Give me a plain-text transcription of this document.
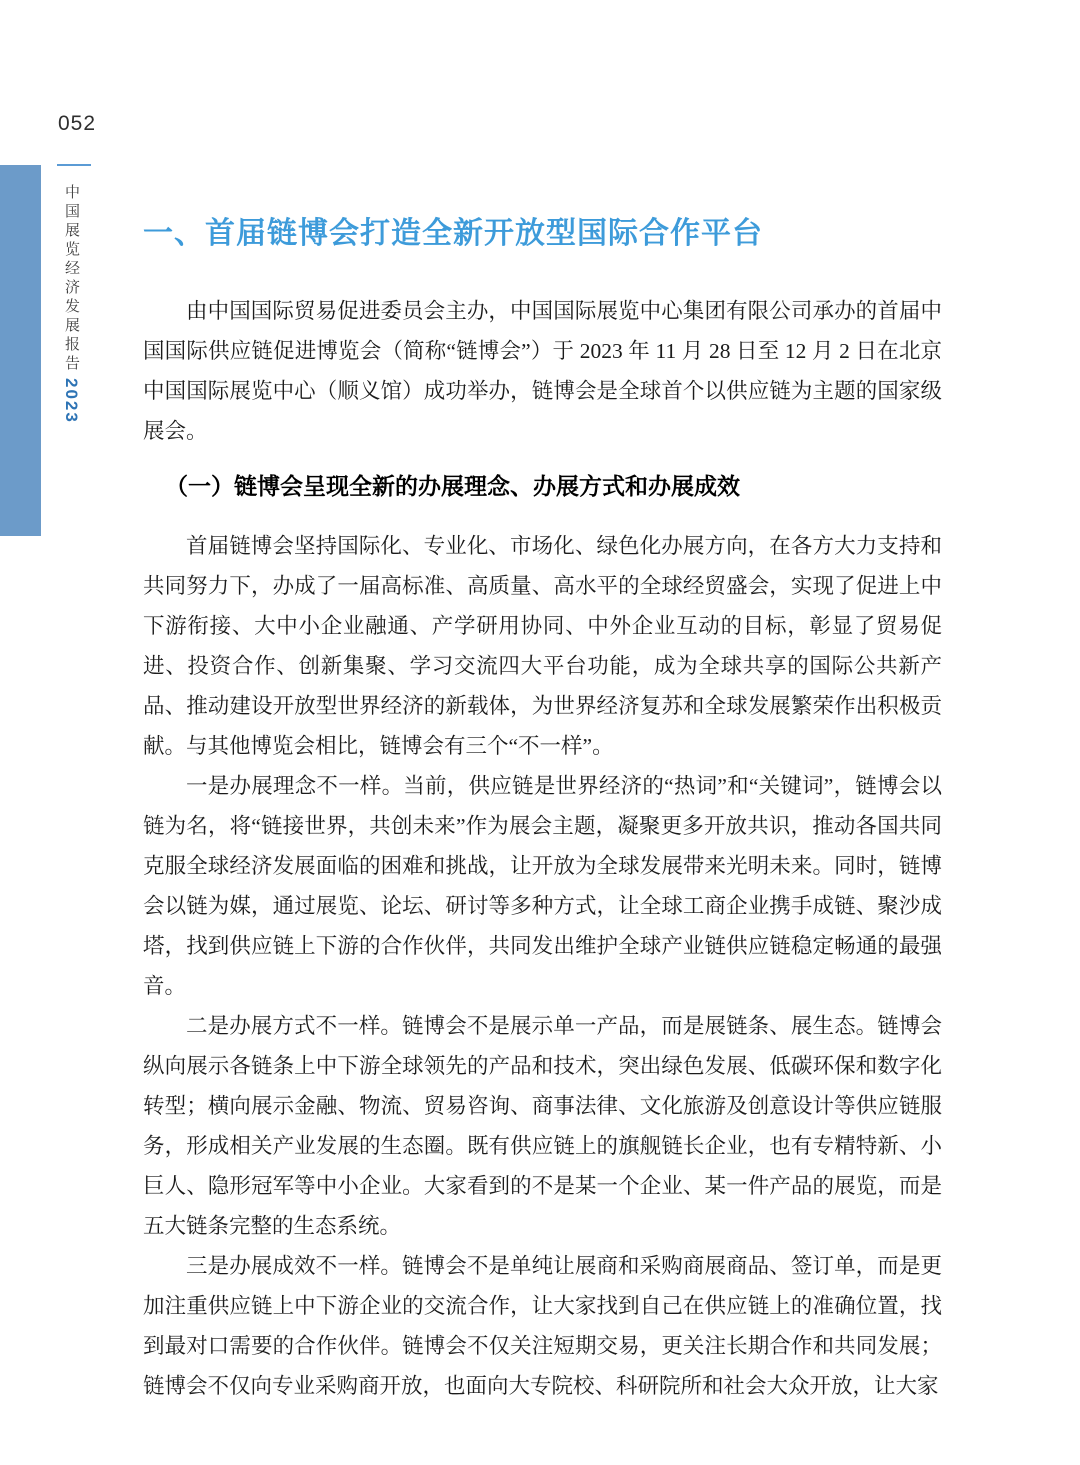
052
中国展览经济发展报告2023
一、首届链博会打造全新开放型国际合作平台

由中国国际贸易促进委员会主办，中国国际展览中心集团有限公司承办的首届中国国际供应链促进博览会（简称“链博会”）于 2023 年 11 月 28 日至 12 月 2 日在北京中国国际展览中心（顺义馆）成功举办，链博会是全球首个以供应链为主题的国家级展会。

（一）链博会呈现全新的办展理念、办展方式和办展成效

首届链博会坚持国际化、专业化、市场化、绿色化办展方向，在各方大力支持和共同努力下，办成了一届高标准、高质量、高水平的全球经贸盛会，实现了促进上中下游衔接、大中小企业融通、产学研用协同、中外企业互动的目标，彰显了贸易促进、投资合作、创新集聚、学习交流四大平台功能，成为全球共享的国际公共新产品、推动建设开放型世界经济的新载体，为世界经济复苏和全球发展繁荣作出积极贡献。与其他博览会相比，链博会有三个“不一样”。

一是办展理念不一样。当前，供应链是世界经济的“热词”和“关键词”，链博会以链为名，将“链接世界，共创未来”作为展会主题，凝聚更多开放共识，推动各国共同克服全球经济发展面临的困难和挑战，让开放为全球发展带来光明未来。同时，链博会以链为媒，通过展览、论坛、研讨等多种方式，让全球工商企业携手成链、聚沙成塔，找到供应链上下游的合作伙伴，共同发出维护全球产业链供应链稳定畅通的最强音。

二是办展方式不一样。链博会不是展示单一产品，而是展链条、展生态。链博会纵向展示各链条上中下游全球领先的产品和技术，突出绿色发展、低碳环保和数字化转型；横向展示金融、物流、贸易咨询、商事法律、文化旅游及创意设计等供应链服务，形成相关产业发展的生态圈。既有供应链上的旗舰链长企业，也有专精特新、小巨人、隐形冠军等中小企业。大家看到的不是某一个企业、某一件产品的展览，而是五大链条完整的生态系统。

三是办展成效不一样。链博会不是单纯让展商和采购商展商品、签订单，而是更加注重供应链上中下游企业的交流合作，让大家找到自己在供应链上的准确位置，找到最对口需要的合作伙伴。链博会不仅关注短期交易，更关注长期合作和共同发展；链博会不仅向专业采购商开放，也面向大专院校、科研院所和社会大众开放，让大家
